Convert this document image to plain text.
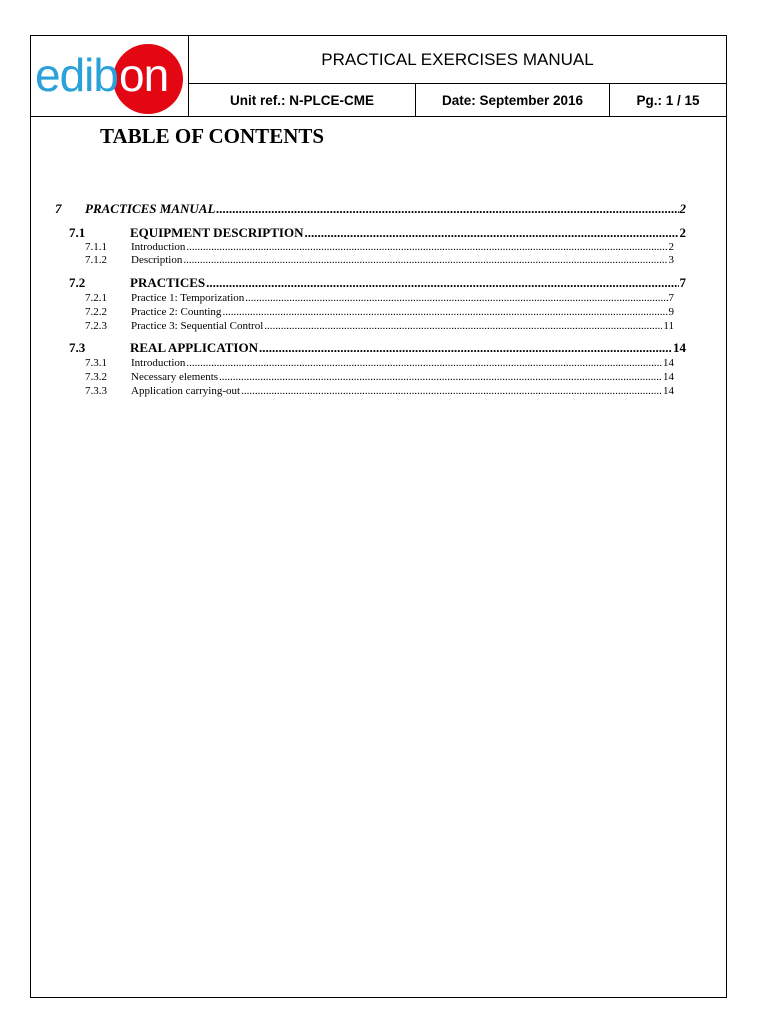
edib on	PRACTICAL EXERCISES MANUAL
Unit ref.: N-PLCE-CME	Date: September 2016	Pg.: 1 / 15
TABLE OF CONTENTS
7	PRACTICES MANUAL .....	2
7.1	EQUIPMENT DESCRIPTION .....	2
7.1.1	Introduction .....	2
7.1.2	Description .....	3
7.2	PRACTICES .....	7
7.2.1	Practice 1: Temporization .....	7
7.2.2	Practice 2: Counting .....	9
7.2.3	Practice 3: Sequential Control .....	11
7.3	REAL APPLICATION .....	14
7.3.1	Introduction .....	14
7.3.2	Necessary elements .....	14
7.3.3	Application carrying-out .....	14
